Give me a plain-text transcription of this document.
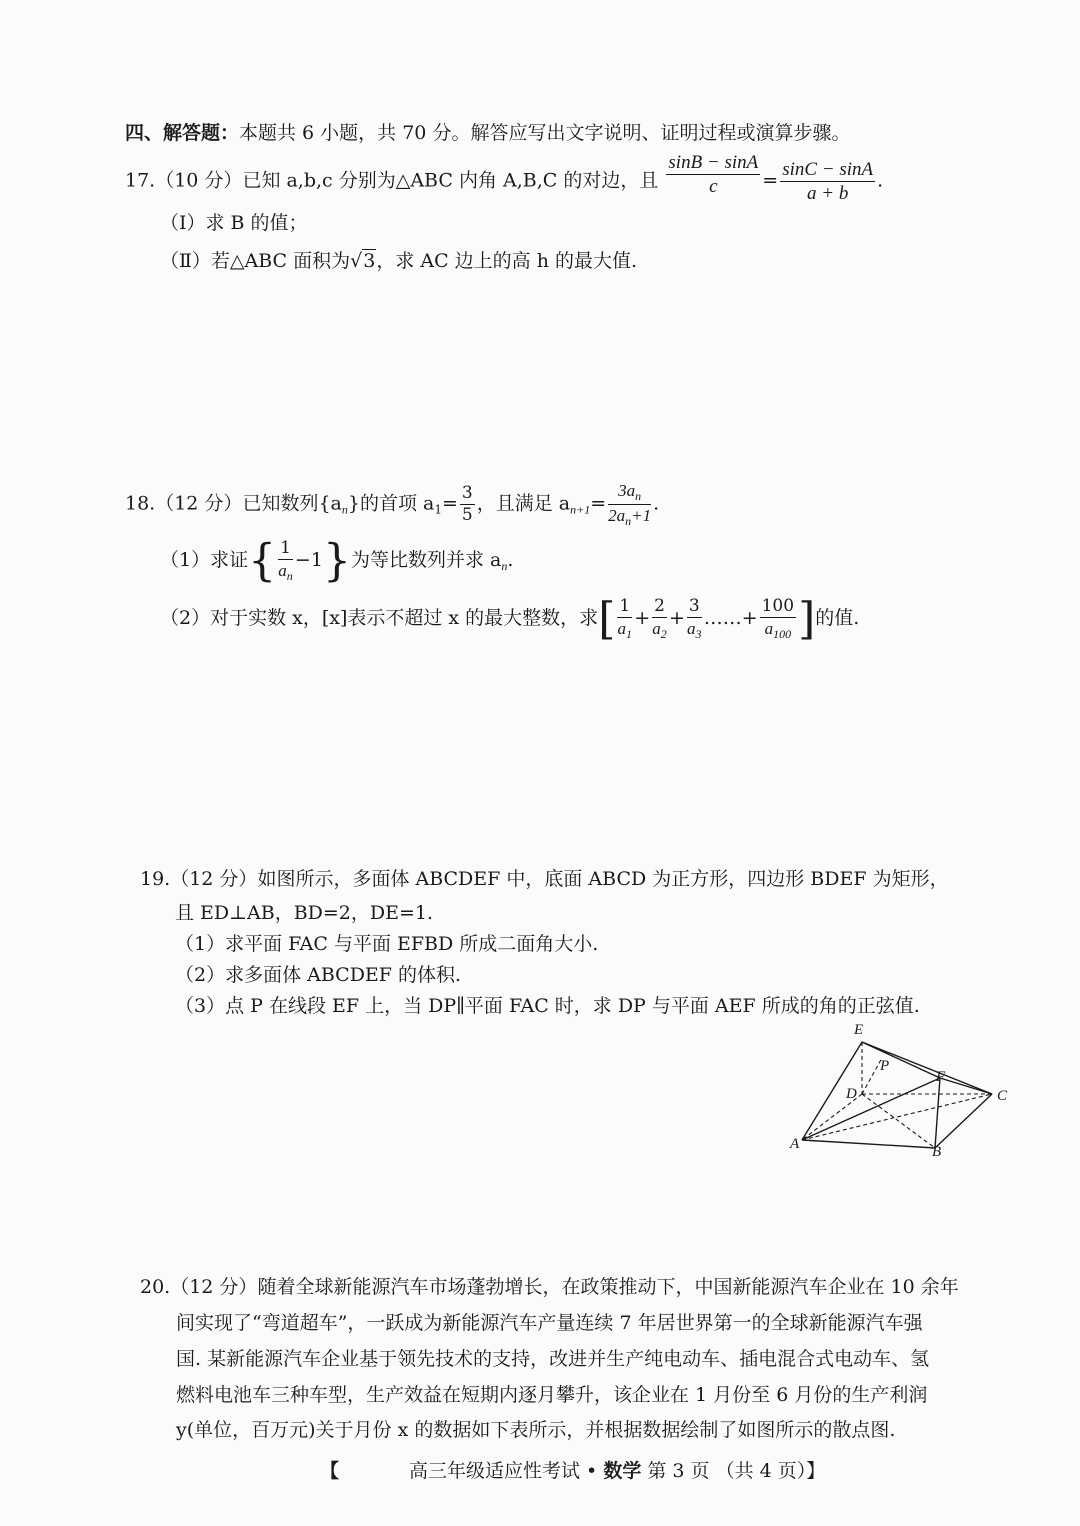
四、解答题：本题共 6 小题，共 70 分。解答应写出文字说明、证明过程或演算步骤。
17.（10 分）已知 a,b,c 分别为△ABC 内角 A,B,C 的对边，且 $\frac{\sin B - \sin A}{c} = \frac{\sin C - \sin A}{a + b}$ .
（Ⅰ）求 B 的值；
（Ⅱ）若△ABC 面积为√3，求 AC 边上的高 h 的最大值.
18.（12 分）已知数列$\{a_n\}$的首项 $a_1= \frac{3}{5}$ ，且满足 $a_{n+1}= \frac{3a_n}{2a_n+1}$ .
（1）求证{ $\frac{1}{a_n} -1$}为等比数列并求 $a_n$.
（2）对于实数 x，[x]表示不超过 x 的最大整数，求[ $\frac{1}{a_1} + \frac{2}{a_2} + \frac{3}{a_3}$ ……+ $\frac{100}{a_{100}}$ ]的值.
19.（12 分）如图所示，多面体 ABCDEF 中，底面 ABCD 为正方形，四边形 BDEF 为矩形，
且 ED⊥AB，BD=2，DE=1.
（1）求平面 FAC 与平面 EFBD 所成二面角大小.
（2）求多面体 ABCDEF 的体积.
（3）点 P 在线段 EF 上，当 DP∥平面 FAC 时，求 DP 与平面 AEF 所成的角的正弦值.
E
P
F
D	C
A	B
20.（12 分）随着全球新能源汽车市场蓬勃增长，在政策推动下，中国新能源汽车企业在 10 余年
间实现了“弯道超车”，一跃成为新能源汽车产量连续 7 年居世界第一的全球新能源汽车强
国. 某新能源汽车企业基于领先技术的支持，改进并生产纯电动车、插电混合式电动车、氢
燃料电池车三种车型，生产效益在短期内逐月攀升，该企业在 1 月份至 6 月份的生产利润
y(单位，百万元)关于月份 x 的数据如下表所示，并根据数据绘制了如图所示的散点图.
【	高三年级适应性考试 • 数学 第 3 页 （共 4 页）】
